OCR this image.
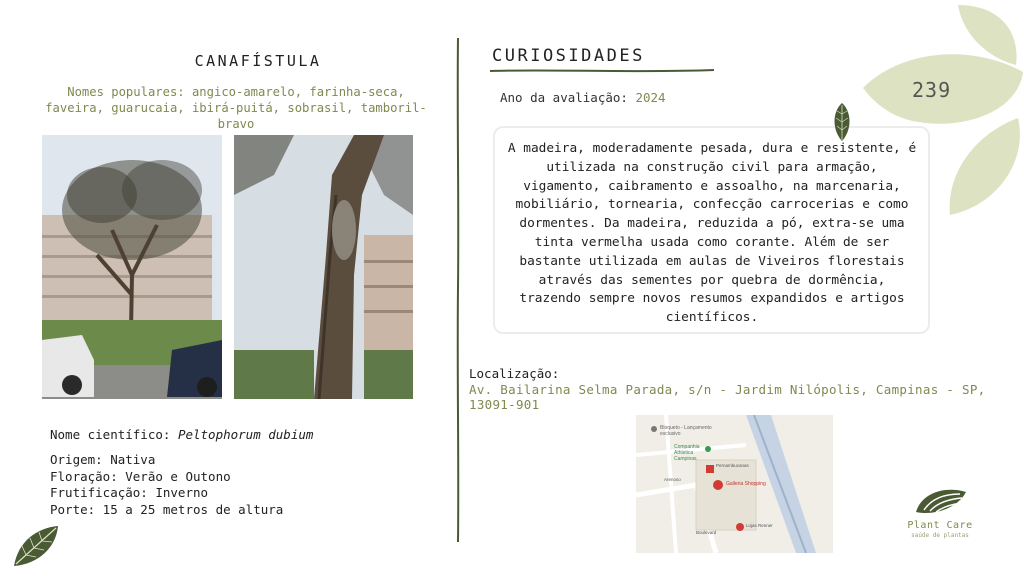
239
CANAFÍSTULA
Nomes populares: angico-amarelo, farinha-seca, faveira, guarucaia, ibirá-puitá, sobrasil, tamboril-bravo
Nome científico: Peltophorum dubium
Origem: Nativa
Floração: Verão e Outono
Frutificação: Inverno
Porte: 15 a 25 metros de altura
CURIOSIDADES
Ano da avaliação: 2024
A madeira, moderadamente pesada, dura e resistente, é utilizada na construção civil para armação, vigamento, caibramento e assoalho, na marcenaria, mobiliário, tornearia, confecção carrocerias e como dormentes. Da madeira, reduzida a pó, extra-se uma tinta vermelha usada como corante. Além de ser bastante utilizada em aulas de Viveiros florestais através das sementes por quebra de dormência, trazendo sempre novos resumos expandidos e artigos científicos.
Localização:
Av. Bailarina Selma Parada, s/n - Jardim Nilópolis, Campinas - SP, 13091-901
Bloqueto - Lançamento exclusivo
Companhia Athletica Campinas
Pernambucanas
Galleria Shopping
Arenoso
Boulevard
Lojas Renner	Plant Care
saúde de plantas
